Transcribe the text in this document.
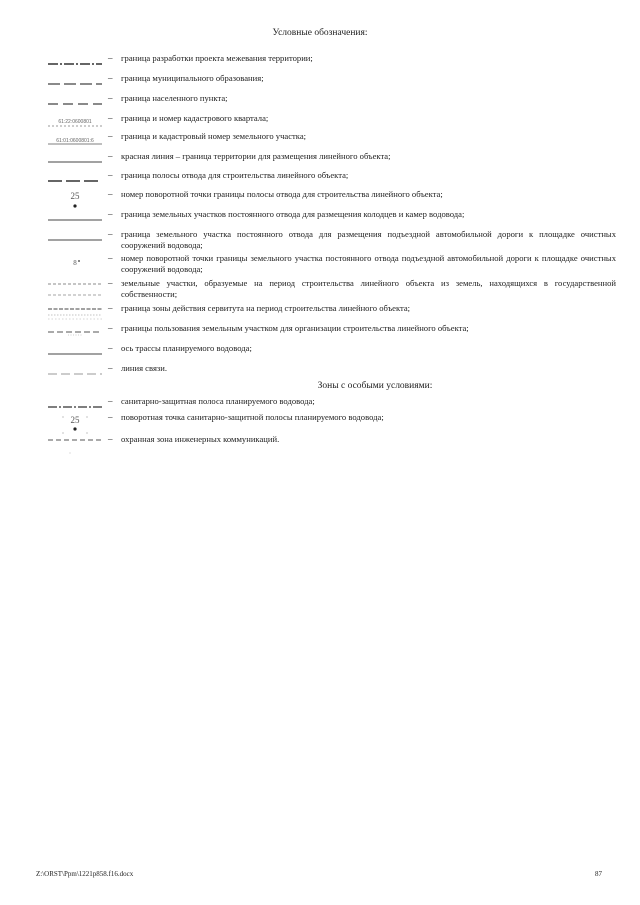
Условные обозначения:
– граница разработки проекта межевания территории;
– граница муниципального образования;
– граница населенного пункта;
61:22:0600801 – граница и номер кадастрового квартала;
61:01:0600801:6 – граница и кадастровый номер земельного участка;
– красная линия – граница территории для размещения линейного объекта;
– граница полосы отвода для строительства линейного объекта;
25	– номер поворотной точки границы полосы отвода для строительства линейного объекта;
– граница земельных участков постоянного отвода для размещения колодцев и камер водовода;
– граница земельного участка постоянного отвода для размещения подъездной автомобильной дороги к площадке очистных сооружений водовода;
8	– номер поворотной точки границы земельного участка постоянного отвода подъездной автомобильной дороги к площадке очистных сооружений водовода;
– земельные участки, образуемые на период строительства линейного объекта из земель, находящихся в государственной собственности;
– граница зоны действия сервитута на период строительства линейного объекта;
– границы пользования земельным участком для организации строительства линейного объекта;
– ось трассы планируемого водовода;
– линия связи.
Зоны с особыми условиями:
– санитарно-защитная полоса планируемого водовода;
25	– поворотная точка санитарно-защитной полосы планируемого водовода;
– охранная зона инженерных коммуникаций.
Z:\ORST\Ppm\1221p858.f16.docx	87
